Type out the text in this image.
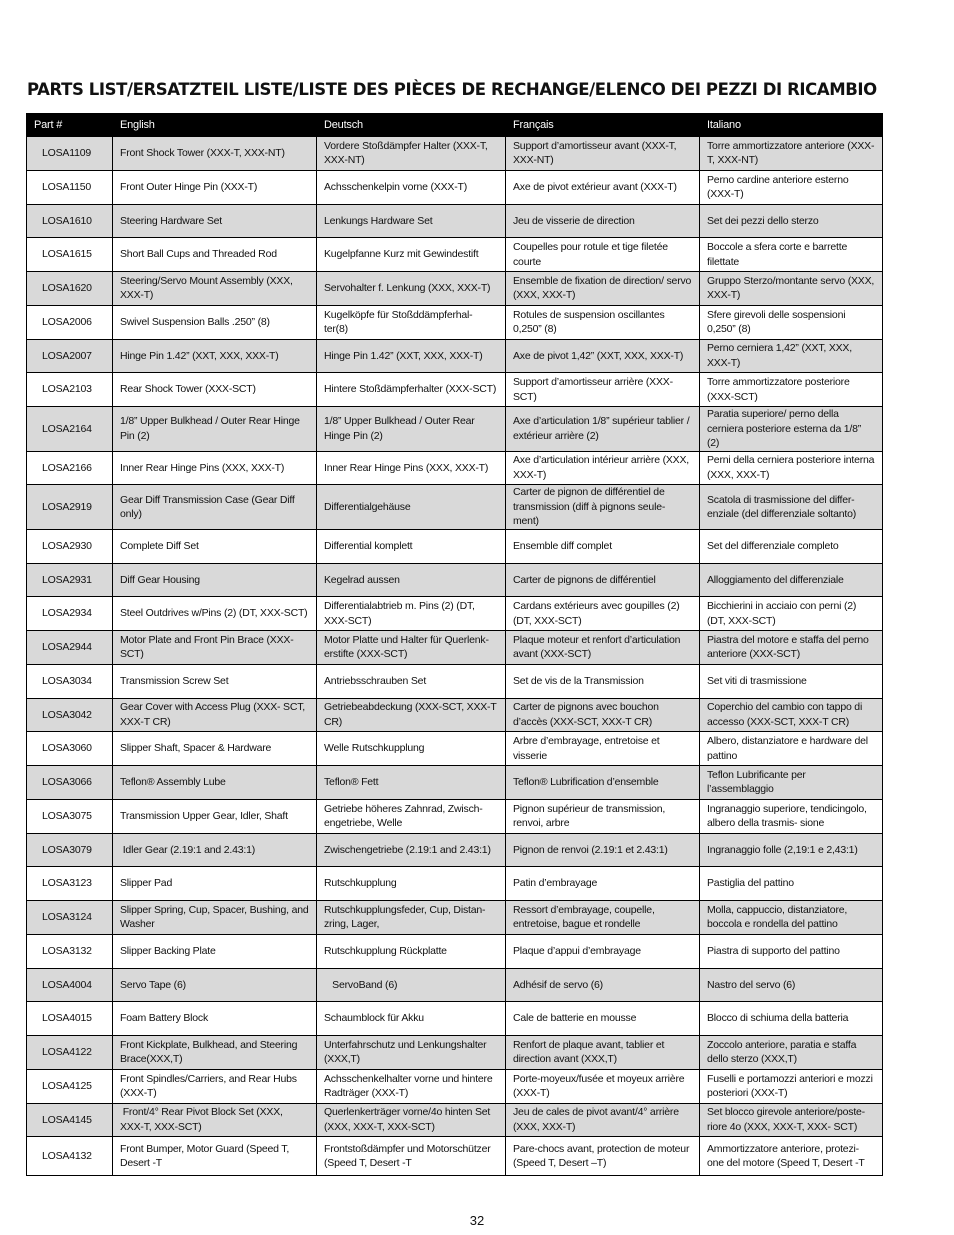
PARTS LIST/ERSATZTEIL LISTE/LISTE DES PIÈCES DE RECHANGE/ELENCO DEI PEZZI DI RICAMBIO
Part #	English	Deutsch	Français	Italiano
LOSA1109	Front Shock Tower (XXX-T, XXX-NT)	Vordere Stoßdämpfer Halter (XXX-T, XXX-NT)	Support d’amortisseur avant (XXX-T, XXX-NT)	Torre ammortizzatore anteriore (XXX-T, XXX-NT)
LOSA1150	Front Outer Hinge Pin (XXX-T)	Achsschenkelpin vorne (XXX-T)	Axe de pivot extérieur avant (XXX-T)	Perno cardine anteriore esterno (XXX-T)
LOSA1610	Steering Hardware Set	Lenkungs Hardware Set	Jeu de visserie de direction	Set dei pezzi dello sterzo
LOSA1615	Short Ball Cups and Threaded Rod	Kugelpfanne Kurz mit Gewindestift	Coupelles pour rotule et tige filetée courte	Boccole a sfera corte e barrette filettate
LOSA1620	Steering/Servo Mount Assembly (XXX, XXX-T)	Servohalter f. Lenkung (XXX, XXX-T)	Ensemble de fixation de direction/ servo (XXX, XXX-T)	Gruppo Sterzo/montante servo (XXX, XXX-T)
LOSA2006	Swivel Suspension Balls .250” (8)	Kugelköpfe für Stoßddämpferhal- ter(8)	Rotules de suspension oscillantes 0,250” (8)	Sfere girevoli delle sospensioni 0,250” (8)
LOSA2007	Hinge Pin 1.42” (XXT, XXX, XXX-T)	Hinge Pin 1.42” (XXT, XXX, XXX-T)	Axe de pivot 1,42” (XXT, XXX, XXX-T)	Perno cerniera 1,42” (XXT, XXX, XXX-T)
LOSA2103	Rear Shock Tower (XXX-SCT)	Hintere Stoßdämpferhalter (XXX-SCT)	Support d’amortisseur arrière (XXX-SCT)	Torre ammortizzatore posteriore (XXX-SCT)
LOSA2164	1/8” Upper Bulkhead / Outer Rear Hinge Pin (2)	1/8” Upper Bulkhead / Outer Rear Hinge Pin (2)	Axe d’articulation 1/8” supérieur tablier / extérieur arrière (2)	Paratia superiore/ perno della cerniera posteriore esterna da 1/8” (2)
LOSA2166	Inner Rear Hinge Pins (XXX, XXX-T)	Inner Rear Hinge Pins (XXX, XXX-T)	Axe d’articulation intérieur arrière (XXX, XXX-T)	Perni della cerniera posteriore interna (XXX, XXX-T)
LOSA2919	Gear Diff Transmission Case (Gear Diff only)	Differentialgehäuse	Carter de pignon de différentiel de transmission (diff à pignons seule- ment)	Scatola di trasmissione del differ- enziale (del differenziale soltanto)
LOSA2930	Complete Diff Set	Differential komplett	Ensemble diff complet	Set del differenziale completo
LOSA2931	Diff Gear Housing	Kegelrad aussen	Carter de pignons de différentiel	Alloggiamento del differenziale
LOSA2934	Steel Outdrives w/Pins (2) (DT, XXX-SCT)	Differentialabtrieb m. Pins (2) (DT, XXX-SCT)	Cardans extérieurs avec goupilles (2) (DT, XXX-SCT)	Bicchierini in acciaio con perni (2) (DT, XXX-SCT)
LOSA2944	Motor Plate and Front Pin Brace (XXX-SCT)	Motor Platte und Halter für Querlenk- erstifte (XXX-SCT)	Plaque moteur et renfort d’articulation avant (XXX-SCT)	Piastra del motore e staffa del perno anteriore (XXX-SCT)
LOSA3034	Transmission Screw Set	Antriebsschrauben Set	Set de vis de la Transmission	Set viti di trasmissione
LOSA3042	Gear Cover with Access Plug (XXX- SCT, XXX-T CR)	Getriebeabdeckung (XXX-SCT, XXX-T CR)	Carter de pignons avec bouchon d’accès (XXX-SCT, XXX-T CR)	Coperchio del cambio con tappo di accesso (XXX-SCT, XXX-T CR)
LOSA3060	Slipper Shaft, Spacer & Hardware	Welle Rutschkupplung	Arbre d’embrayage, entretoise et visserie	Albero, distanziatore e hardware del pattino
LOSA3066	Teflon® Assembly Lube	Teflon® Fett	Teflon® Lubrification d’ensemble	Teflon Lubrificante per l’assemblaggio
LOSA3075	Transmission Upper Gear, Idler, Shaft	Getriebe höheres Zahnrad, Zwisch- engetriebe, Welle	Pignon supérieur de transmission, renvoi, arbre	Ingranaggio superiore, tendicingolo, albero della trasmis- sione
LOSA3079	Idler Gear (2.19:1 and 2.43:1)	Zwischengetriebe (2.19:1 and 2.43:1)	Pignon de renvoi (2.19:1 et 2.43:1)	Ingranaggio folle (2,19:1 e 2,43:1)
LOSA3123	Slipper Pad	Rutschkupplung	Patin d’embrayage	Pastiglia del pattino
LOSA3124	Slipper Spring, Cup, Spacer, Bushing, and Washer	Rutschkupplungsfeder, Cup, Distan- zring, Lager,	Ressort d’embrayage, coupelle, entretoise, bague et rondelle	Molla, cappuccio, distanziatore, boccola e rondella del pattino
LOSA3132	Slipper Backing Plate	Rutschkupplung Rückplatte	Plaque d’appui d’embrayage	Piastra di supporto del pattino
LOSA4004	Servo Tape (6)	ServoBand (6)	Adhésif de servo (6)	Nastro del servo (6)
LOSA4015	Foam Battery Block	Schaumblock für Akku	Cale de batterie en mousse	Blocco di schiuma della batteria
LOSA4122	Front Kickplate, Bulkhead, and Steering Brace(XXX,T)	Unterfahrschutz und Lenkungshalter (XXX,T)	Renfort de plaque avant, tablier et direction avant (XXX,T)	Zoccolo anteriore, paratia e staffa dello sterzo (XXX,T)
LOSA4125	Front Spindles/Carriers, and Rear Hubs (XXX-T)	Achsschenkelhalter vorne und hintere Radträger (XXX-T)	Porte-moyeux/fusée et moyeux arrière (XXX-T)	Fuselli e portamozzi anteriori e mozzi posteriori (XXX-T)
LOSA4145	Front/4° Rear Pivot Block Set (XXX, XXX-T, XXX-SCT)	Querlenkerträger vorne/4o hinten Set (XXX, XXX-T, XXX-SCT)	Jeu de cales de pivot avant/4° arrière (XXX, XXX-T)	Set blocco girevole anteriore/poste- riore 4o (XXX, XXX-T, XXX- SCT)
LOSA4132	Front Bumper, Motor Guard (Speed T, Desert -T	Frontstoßdämpfer und Motorschützer (Speed T, Desert -T	Pare-chocs avant, protection de moteur (Speed T, Desert –T)	Ammortizzatore anteriore, protezi- one del motore (Speed T, Desert -T
32
